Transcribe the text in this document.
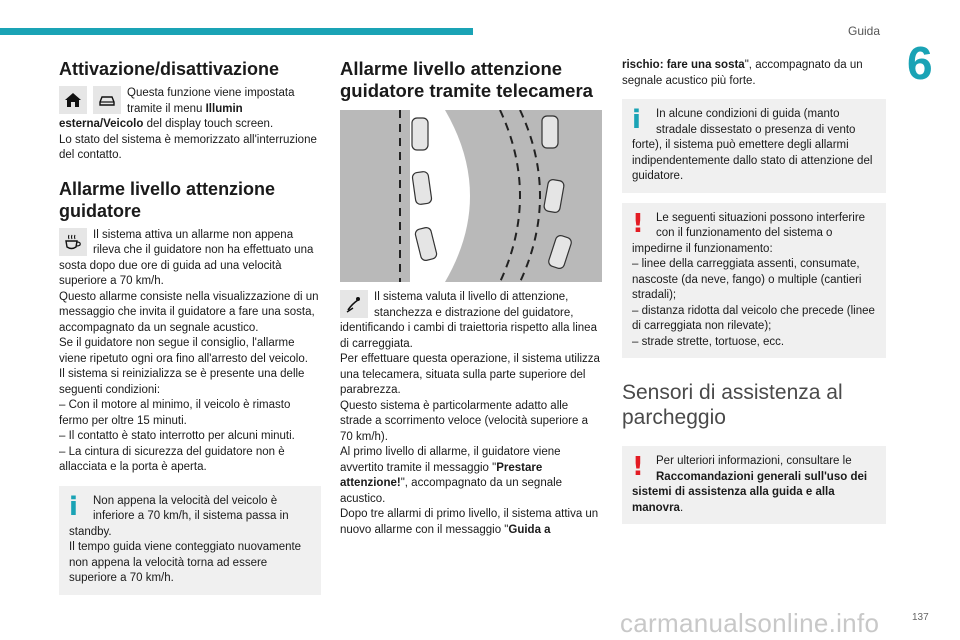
Guida
6
137
carmanualsonline.info
Attivazione/disattivazione

Questa funzione viene impostata tramite il menu Illumin esterna/Veicolo del display touch screen.

Lo stato del sistema è memorizzato all'interruzione del contatto.

Allarme livello attenzione guidatore

Il sistema attiva un allarme non appena rileva che il guidatore non ha effettuato una sosta dopo due ore di guida ad una velocità superiore a 70 km/h.

Questo allarme consiste nella visualizzazione di un messaggio che invita il guidatore a fare una sosta, accompagnato da un segnale acustico.

Se il guidatore non segue il consiglio, l'allarme viene ripetuto ogni ora fino all'arresto del veicolo.

Il sistema si reinizializza se è presente una delle seguenti condizioni:

– Con il motore al minimo, il veicolo è rimasto fermo per oltre 15 minuti.

– Il contatto è stato interrotto per alcuni minuti.

– La cintura di sicurezza del guidatore non è allacciata e la porta è aperta.

i	Non appena la velocità del veicolo è inferiore a 70 km/h, il sistema passa in standby.

Il tempo guida viene conteggiato nuovamente non appena la velocità torna ad essere superiore a 70 km/h.

Allarme livello attenzione guidatore tramite telecamera

Il sistema valuta il livello di attenzione, stanchezza e distrazione del guidatore, identificando i cambi di traiettoria rispetto alla linea di carreggiata.

Per effettuare questa operazione, il sistema utilizza una telecamera, situata sulla parte superiore del parabrezza.

Questo sistema è particolarmente adatto alle strade a scorrimento veloce (velocità superiore a 70 km/h).

Al primo livello di allarme, il guidatore viene avvertito tramite il messaggio "Prestare attenzione!", accompagnato da un segnale acustico.

Dopo tre allarmi di primo livello, il sistema attiva un nuovo allarme con il messaggio "Guida a

rischio: fare una sosta", accompagnato da un segnale acustico più forte.

i	In alcune condizioni di guida (manto stradale dissestato o presenza di vento forte), il sistema può emettere degli allarmi indipendentemente dallo stato di attenzione del guidatore.

!	Le seguenti situazioni possono interferire con il funzionamento del sistema o impedirne il funzionamento:

– linee della carreggiata assenti, consumate, nascoste (da neve, fango) o multiple (cantieri stradali);

– distanza ridotta dal veicolo che precede (linee di carreggiata non rilevate);

– strade strette, tortuose, ecc.

Sensori di assistenza al parcheggio
!	Per ulteriori informazioni, consultare le Raccomandazioni generali sull'uso dei sistemi di assistenza alla guida e alla manovra.
